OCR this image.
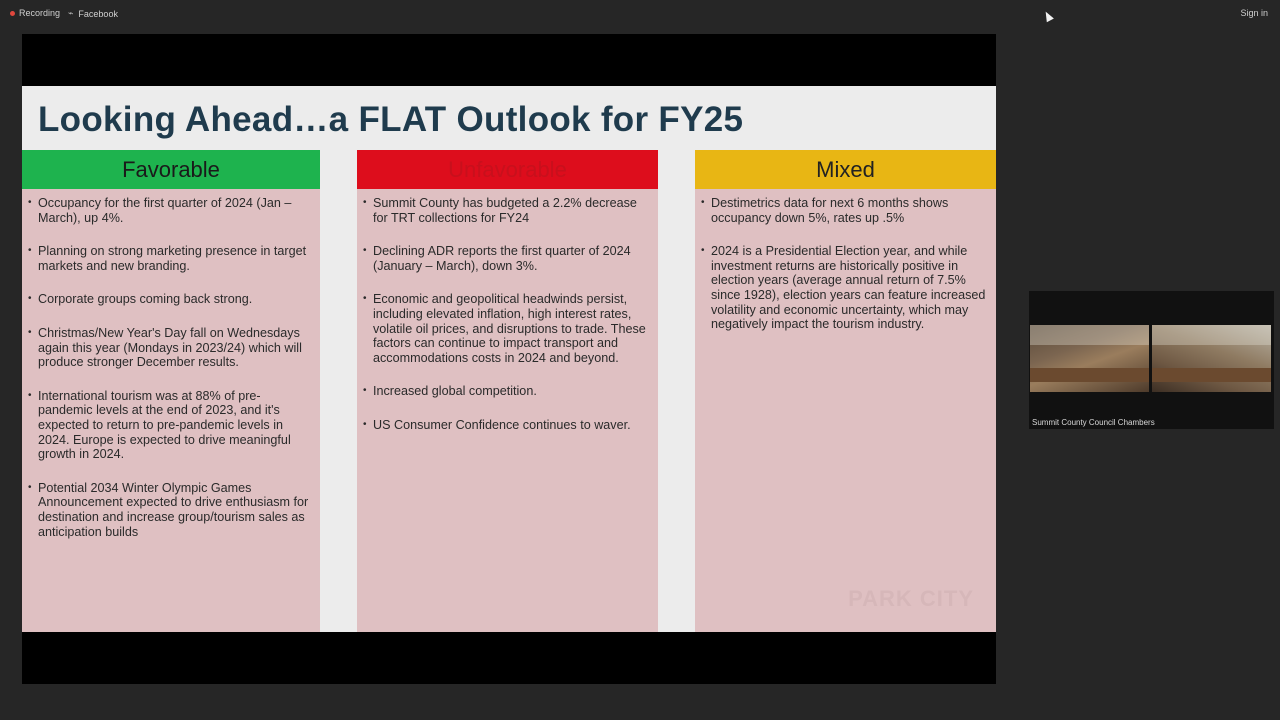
Recording ⌁ Facebook	Sign in
Looking Ahead…a FLAT Outlook for FY25
Favorable
• Occupancy for the first quarter of 2024 (Jan – March), up 4%.
• Planning on strong marketing presence in target markets and new branding.
• Corporate groups coming back strong.
• Christmas/New Year's Day fall on Wednesdays again this year (Mondays in 2023/24) which will produce stronger December results.
• International tourism was at 88% of pre-pandemic levels at the end of 2023, and it's expected to return to pre-pandemic levels in 2024. Europe is expected to drive meaningful growth in 2024.
• Potential 2034 Winter Olympic Games Announcement expected to drive enthusiasm for destination and increase group/tourism sales as anticipation builds
Unfavorable
• Summit County has budgeted a 2.2% decrease for TRT collections for FY24
• Declining ADR reports the first quarter of 2024 (January – March), down 3%.
• Economic and geopolitical headwinds persist, including elevated inflation, high interest rates, volatile oil prices, and disruptions to trade. These factors can continue to impact transport and accommodations costs in 2024 and beyond.
• Increased global competition.
• US Consumer Confidence continues to waver.
Mixed
• Destimetrics data for next 6 months shows occupancy down 5%, rates up .5%
• 2024 is a Presidential Election year, and while investment returns are historically positive in election years (average annual return of 7.5% since 1928), election years can feature increased volatility and economic uncertainty, which may negatively impact the tourism industry.
PARK CITY
Summit County Council Chambers
